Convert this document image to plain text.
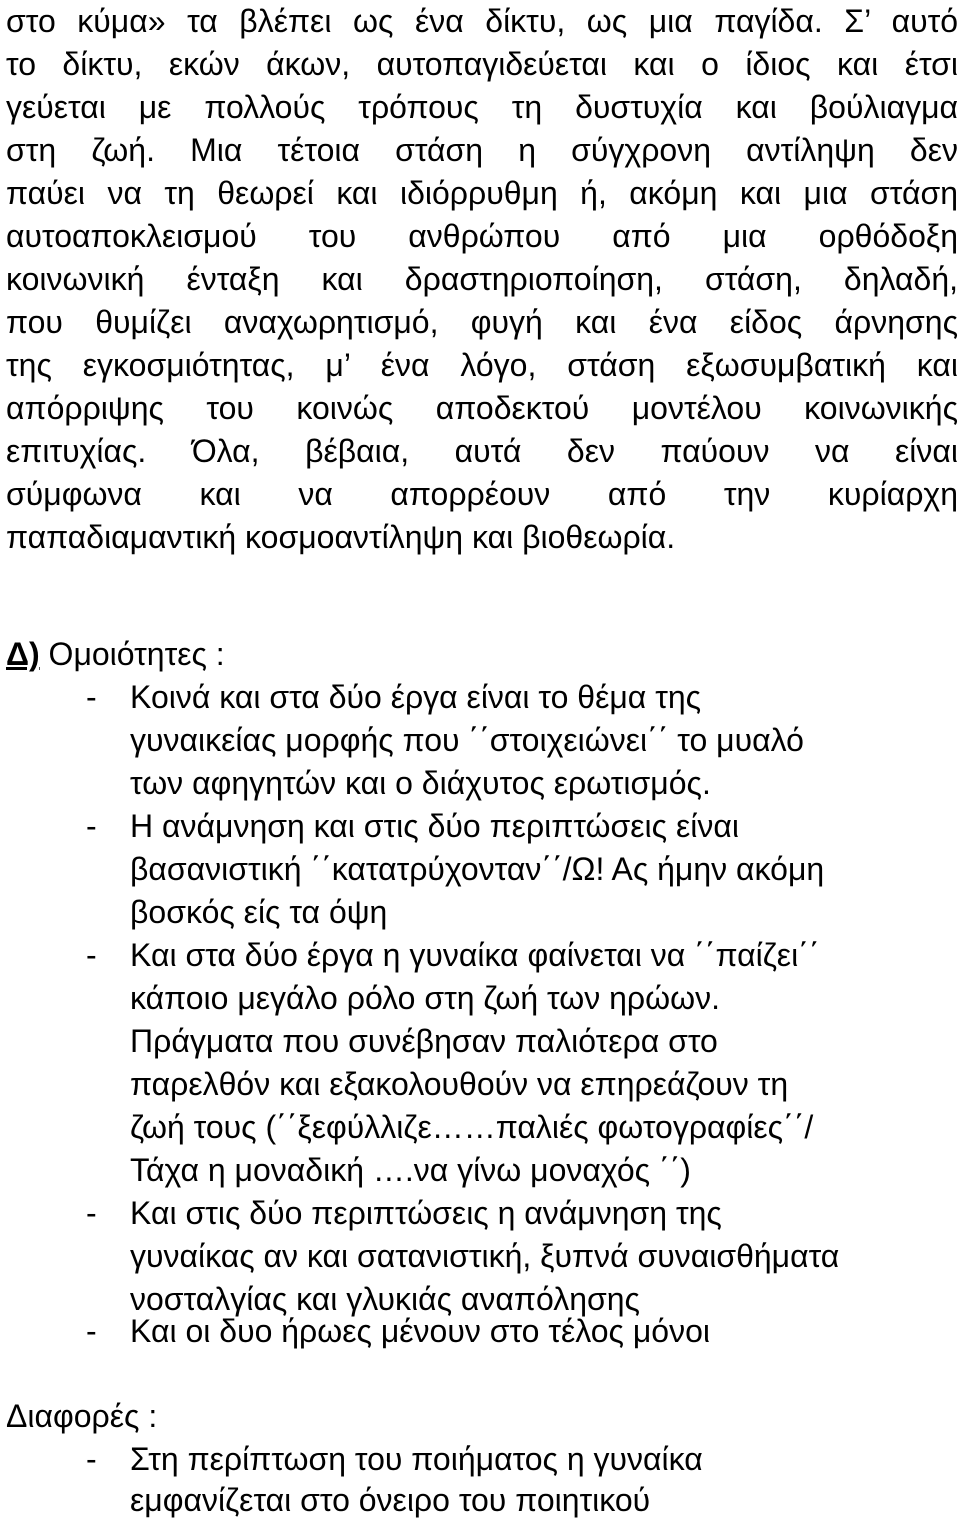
στο κύμα» τα βλέπει ως ένα δίκτυ, ως μια παγίδα. Σ’ αυτό
το δίκτυ, εκών άκων, αυτοπαγιδεύεται και ο ίδιος και έτσι
γεύεται με πολλούς τρόπους τη δυστυχία και βούλιαγμα
στη ζωή. Μια τέτοια στάση η σύγχρονη αντίληψη δεν
παύει να τη θεωρεί και ιδιόρρυθμη ή, ακόμη και μια στάση
αυτοαποκλεισμού του ανθρώπου από μια ορθόδοξη
κοινωνική ένταξη και δραστηριοποίηση, στάση, δηλαδή,
που θυμίζει αναχωρητισμό, φυγή και ένα είδος άρνησης
της εγκοσμιότητας, μ’ ένα λόγο, στάση εξωσυμβατική και
απόρριψης του κοινώς αποδεκτού μοντέλου κοινωνικής
επιτυχίας. Όλα, βέβαια, αυτά δεν παύουν να είναι
σύμφωνα και να απορρέουν από την κυρίαρχη
παπαδιαμαντική κοσμοαντίληψη και βιοθεωρία.
Δ) Ομοιότητες :
- Κοινά και στα δύο έργα είναι το θέμα της
γυναικείας μορφής που ΄΄στοιχειώνει΄΄ το μυαλό
των αφηγητών και ο διάχυτος ερωτισμός.
- Η ανάμνηση και στις δύο περιπτώσεις είναι
βασανιστική ΄΄κατατρύχονταν΄΄/Ω! Ας ήμην ακόμη
βοσκός είς τα όψη
- Και στα δύο έργα η γυναίκα φαίνεται να ΄΄παίζει΄΄
κάποιο μεγάλο ρόλο στη ζωή των ηρώων.
Πράγματα που συνέβησαν παλιότερα στο
παρελθόν και εξακολουθούν να επηρεάζουν τη
ζωή τους (΄΄ξεφύλλιζε……παλιές φωτογραφίες΄΄/
Τάχα η μοναδική ….να γίνω μοναχός ΄΄)
- Και στις δύο περιπτώσεις η ανάμνηση της
γυναίκας αν και σατανιστική, ξυπνά συναισθήματα
νοσταλγίας και γλυκιάς αναπόλησης
- Και οι δυο ήρωες μένουν στο τέλος μόνοι
Διαφορές :
- Στη περίπτωση του ποιήματος η γυναίκα
εμφανίζεται στο όνειρο του ποιητικού
